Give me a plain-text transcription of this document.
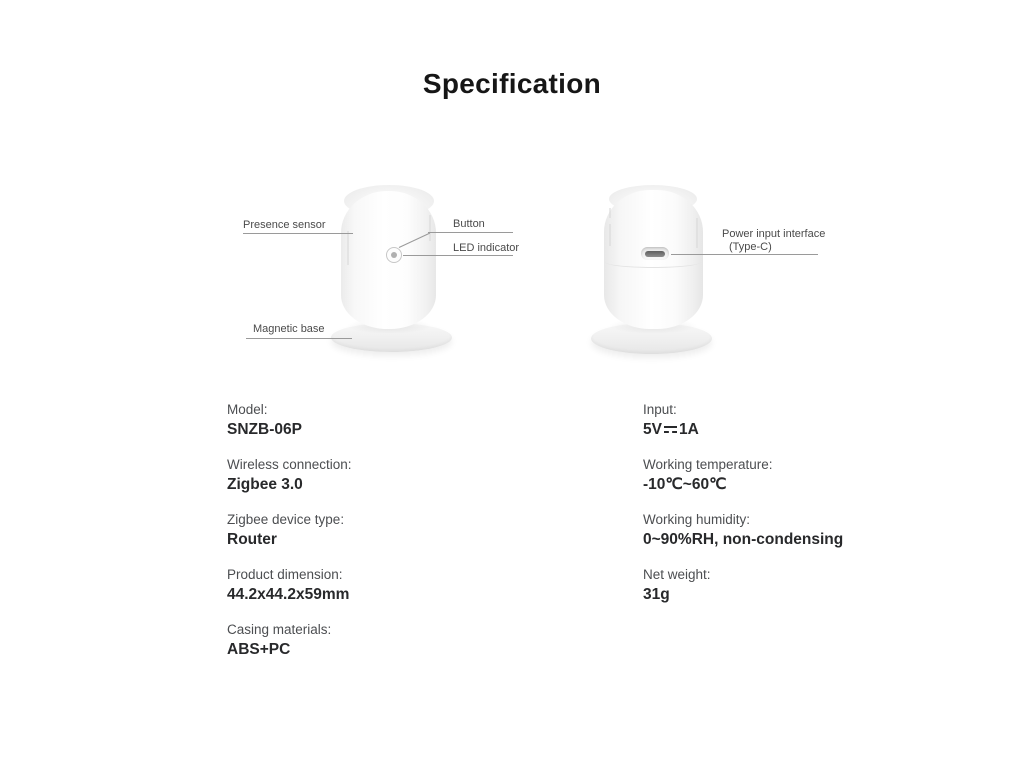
Specification
Presence sensor	Button
LED indicator
Magnetic base
Power input interface
(Type-C)
Model:
SNZB-06P
Wireless connection:
Zigbee 3.0
Zigbee device type:
Router
Product dimension:
44.2x44.2x59mm
Casing materials:
ABS+PC
Input:
5V 1A
Working temperature:
-10℃~60℃
Working humidity:
0~90%RH, non-condensing
Net weight:
31g
